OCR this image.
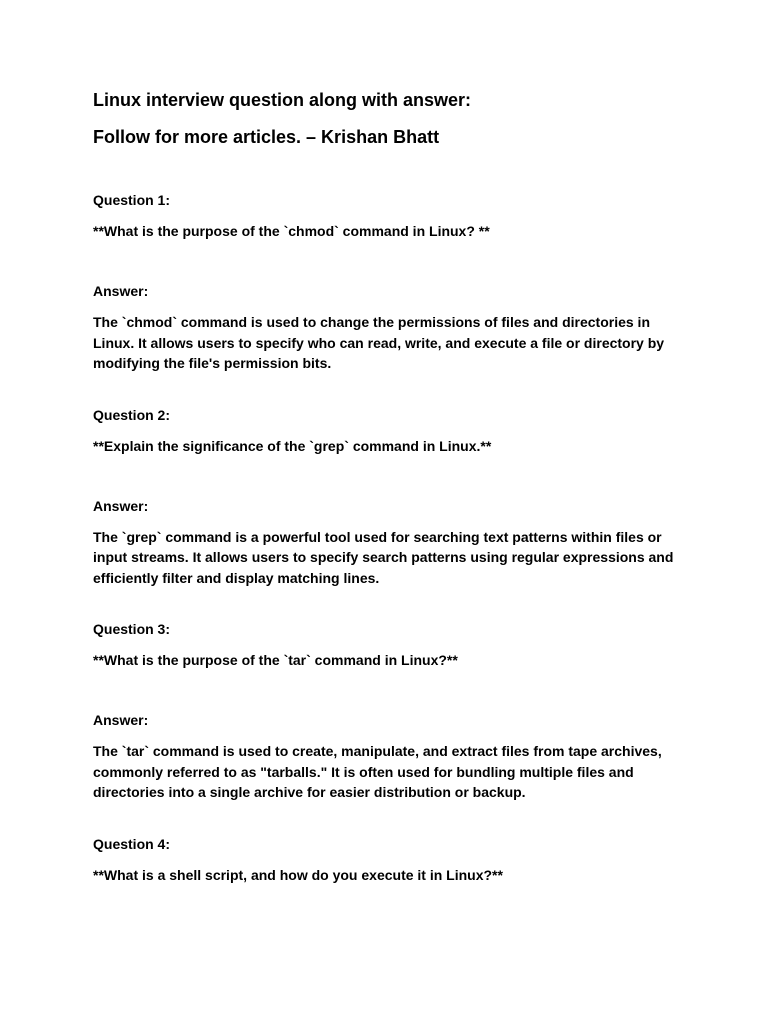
Linux interview question along with answer:

Follow for more articles. – Krishan Bhatt

Question 1:

**What is the purpose of the `chmod` command in Linux? **

Answer:

The `chmod` command is used to change the permissions of files and directories in Linux. It allows users to specify who can read, write, and execute a file or directory by modifying the file's permission bits.

Question 2:

**Explain the significance of the `grep` command in Linux.**

Answer:

The `grep` command is a powerful tool used for searching text patterns within files or input streams. It allows users to specify search patterns using regular expressions and efficiently filter and display matching lines.

Question 3:

**What is the purpose of the `tar` command in Linux?**

Answer:

The `tar` command is used to create, manipulate, and extract files from tape archives, commonly referred to as "tarballs." It is often used for bundling multiple files and directories into a single archive for easier distribution or backup.

Question 4:

**What is a shell script, and how do you execute it in Linux?**
